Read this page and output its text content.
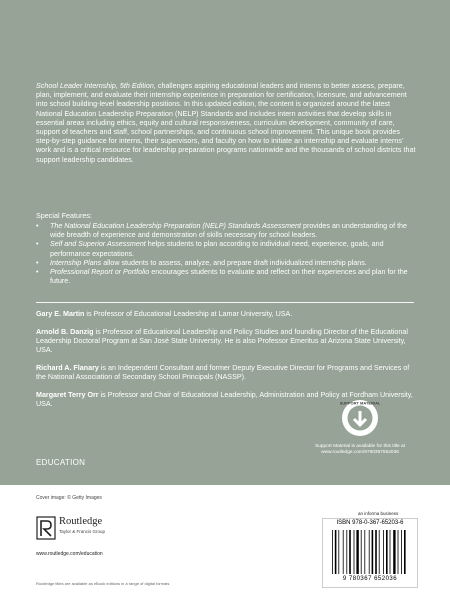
School Leader Internship, 5th Edition, challenges aspiring educational leaders and interns to better assess, prepare, plan, implement, and evaluate their internship experience in preparation for certification, licensure, and advancement into school building-level leadership positions. In this updated edition, the content is organized around the latest National Education Leadership Preparation (NELP) Standards and includes intern activities that develop skills in essential areas including ethics, equity and cultural responsiveness, curriculum development, community of care, support of teachers and staff, school partnerships, and continuous school improvement. This unique book provides step-by-step guidance for interns, their supervisors, and faculty on how to initiate an internship and evaluate interns’ work and is a critical resource for leadership preparation programs nationwide and the thousands of school districts that support leadership candidates.

Special Features:
• The National Education Leadership Preparation (NELP) Standards Assessment provides an understanding of the wide breadth of experience and demonstration of skills necessary for school leaders.
• Self and Superior Assessment helps students to plan according to individual need, experience, goals, and performance expectations.
• Internship Plans allow students to assess, analyze, and prepare draft individualized internship plans.
• Professional Report or Portfolio encourages students to evaluate and reflect on their experiences and plan for the future.

Gary E. Martin is Professor of Educational Leadership at Lamar University, USA.

Arnold B. Danzig is Professor of Educational Leadership and Policy Studies and founding Director of the Educational Leadership Doctoral Program at San José State University. He is also Professor Emeritus at Arizona State University, USA.

Richard A. Flanary is an Independent Consultant and former Deputy Executive Director for Programs and Services of the National Association of Secondary School Principals (NASSP).

Margaret Terry Orr is Professor and Chair of Educational Leadership, Administration and Policy at Fordham University, USA.	SUPPORT MATERIAL
Support Material is available for this title at
www.routledge.com/9780367652036
EDUCATION
Cover image: © Getty Images
Routledge
Taylor & Francis Group
www.routledge.com/education
an informa business
ISBN 978-0-367-65203-6
9 780367 652036
Routledge titles are available as eBook editions in a range of digital formats
